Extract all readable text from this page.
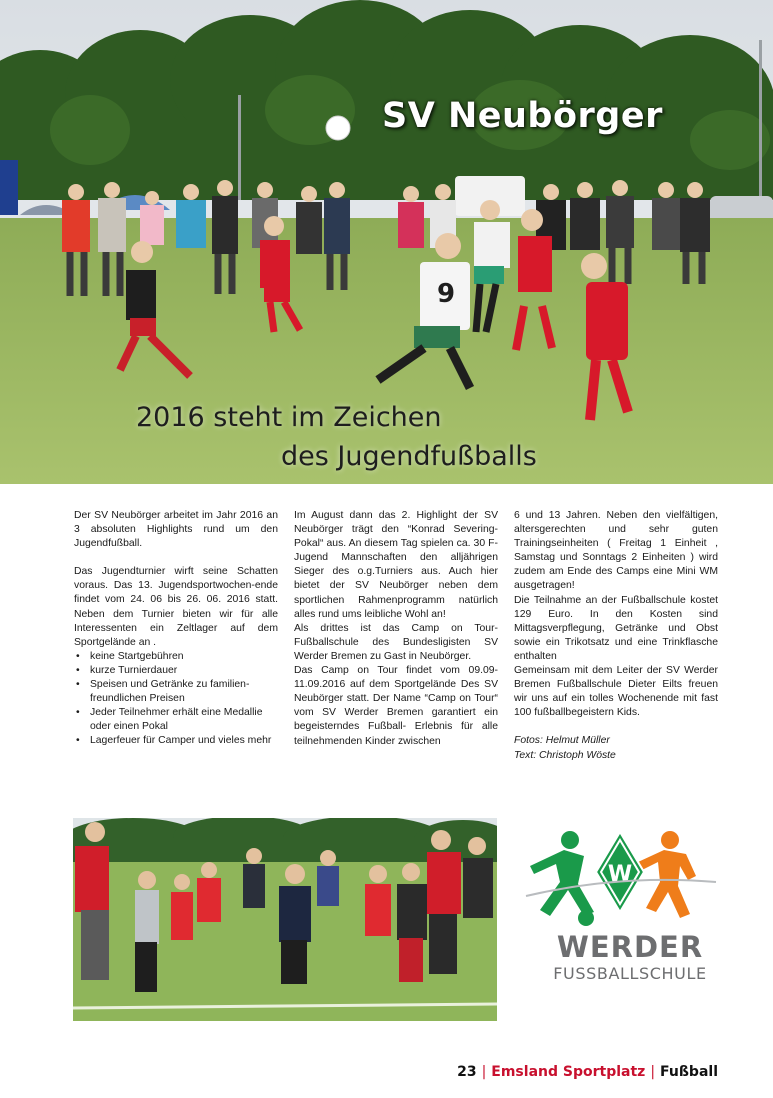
9
SV Neubörger
2016 steht im Zeichen
des Jugendfußballs

Der SV Neubörger arbeitet im Jahr 2016 an 3 absoluten Highlights rund um den Jugendfußball.

Das Jugendturnier wirft seine Schatten voraus. Das 13. Jugendsportwochen-ende findet vom 24. 06 bis 26. 06. 2016 statt. Neben dem Turnier bieten wir für alle Interessenten ein Zeltlager auf dem Sportgelände an .

• keine Startgebühren
• kurze Turnierdauer
• Speisen und Getränke zu familien-freundlichen Preisen
• Jeder Teilnehmer erhält eine Medallie oder einen Pokal
• Lagerfeuer für Camper und vieles mehr

Im August dann das 2. Highlight der SV Neubörger trägt den “Konrad Severing-Pokal“ aus. An diesem Tag spielen ca. 30 F-Jugend Mannschaften den alljährigen Sieger des o.g.Turniers aus. Auch hier bietet der SV Neubörger neben dem sportlichen Rahmenprogramm natürlich alles rund ums leibliche Wohl an!

Als drittes ist das Camp on Tour-Fußballschule des Bundesligisten SV Werder Bremen zu Gast in Neubörger.

Das Camp on Tour findet vom 09.09-11.09.2016 auf dem Sportgelände Des SV Neubörger statt. Der Name “Camp on Tour“ vom SV Werder Bremen garantiert ein begeisterndes Fußball- Erlebnis für alle teilnehmenden Kinder zwischen

6 und 13 Jahren. Neben den vielfältigen, altersgerechten und sehr guten Trainingseinheiten ( Freitag 1 Einheit , Samstag und Sonntags 2 Einheiten ) wird zudem am Ende des Camps eine Mini WM ausgetragen!

Die Teilnahme an der Fußballschule kostet 129 Euro. In den Kosten sind Mittagsverpflegung, Getränke und Obst sowie ein Trikotsatz und eine Trinkflasche enthalten

Gemeinsam mit dem Leiter der SV Werder Bremen Fußballschule Dieter Eilts freuen wir uns auf ein tolles Wochenende mit fast 100 fußballbegeistern Kids.

Fotos: Helmut Müller
Text: Christoph Wöste
W
WERDER
FUSSBALLSCHULE
23 | Emsland Sportplatz | Fußball
